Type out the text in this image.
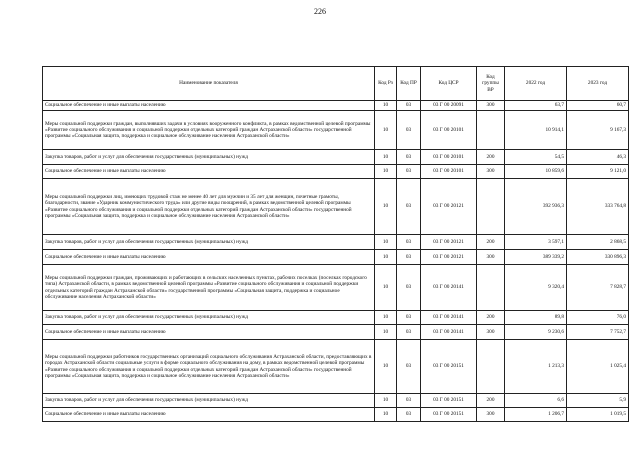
226
Наименование показателя	Код Рз	Код ПР	Код ЦСР	Код группы ВР	2022 год	2023 год
Социальное обеспечение и иные выплаты населению	10	03	03 Г 00 20091	300	63,7	60,7
Меры социальной поддержки граждан, выполнявших задачи в условиях вооруженного конфликта, в рамках ведомственной целевой программы «Развитие социального обслуживания и социальной поддержки отдельных категорий граждан Астраханской области» государственной программы «Социальная защита, поддержка и социальное обслуживание населения Астраханской области»	10	03	03 Г 00 20101		10 914,1	9 167,3
Закупка товаров, работ и услуг для обеспечения государственных (муниципальных) нужд	10	03	03 Г 00 20101	200	54,5	46,3
Социальное обеспечение и иные выплаты населению	10	03	03 Г 00 20101	300	10 859,6	9 121,0
Меры социальной поддержки лиц, имеющих трудовой стаж не менее 40 лет для мужчин и 35 лет для женщин, почетные грамоты, благодарности, звание «Ударник коммунистического труда» или другие виды поощрений, в рамках ведомственной целевой программы «Развитие социального обслуживания и социальной поддержки отдельных категорий граждан Астраханской области» государственной программы «Социальная защита, поддержка и социальное обслуживание населения Астраханской области»	10	03	03 Г 00 20121		392 936,3	333 764,8
Закупка товаров, работ и услуг для обеспечения государственных (муниципальных) нужд	10	03	03 Г 00 20121	200	3 597,1	2 868,5
Социальное обеспечение и иные выплаты населению	10	03	03 Г 00 20121	300	389 339,2	330 896,3
Меры социальной поддержки граждан, проживающих и работающих в сельских населенных пунктах, рабочих поселках (поселках городского типа) Астраханской области, в рамках ведомственной целевой программы «Развитие социального обслуживания и социальной поддержки отдельных категорий граждан Астраханской области» государственной программы «Социальная защита, поддержка и социальное обслуживание населения Астраханской области»	10	03	03 Г 00 20141		9 320,4	7 828,7
Закупка товаров, работ и услуг для обеспечения государственных (муниципальных) нужд	10	03	03 Г 00 20141	200	89,8	76,0
Социальное обеспечение и иные выплаты населению	10	03	03 Г 00 20141	300	9 230,6	7 752,7
Меры социальной поддержки работников государственных организаций социального обслуживания Астраханской области, предоставляющих в городах Астраханской области социальные услуги в форме социального обслуживания на дому, в рамках ведомственной целевой программы «Развитие социального обслуживания и социальной поддержки отдельных категорий граждан Астраханской области» государственной программы «Социальная защита, поддержка и социальное обслуживание населения Астраханской области»	10	03	03 Г 00 20151		1 213,3	1 025,4
Закупка товаров, работ и услуг для обеспечения государственных (муниципальных) нужд	10	03	03 Г 00 20151	200	6,6	5,9
Социальное обеспечение и иные выплаты населению	10	03	03 Г 00 20151	300	1 206,7	1 019,5
